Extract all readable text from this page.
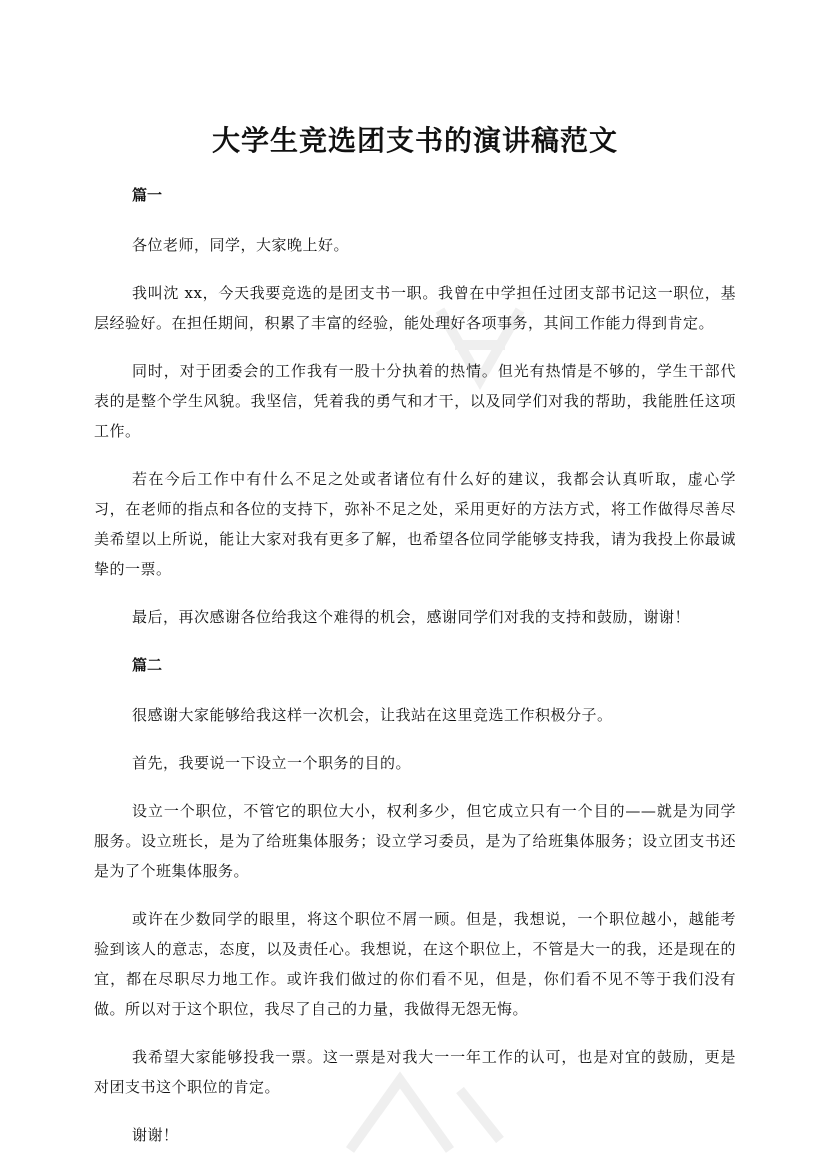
大学生竞选团支书的演讲稿范文

篇一

各位老师，同学，大家晚上好。

我叫沈 xx，今天我要竞选的是团支书一职。我曾在中学担任过团支部书记这一职位，基层经验好。在担任期间，积累了丰富的经验，能处理好各项事务，其间工作能力得到肯定。

同时，对于团委会的工作我有一股十分执着的热情。但光有热情是不够的，学生干部代表的是整个学生风貌。我坚信，凭着我的勇气和才干，以及同学们对我的帮助，我能胜任这项工作。

若在今后工作中有什么不足之处或者诸位有什么好的建议，我都会认真听取，虚心学习，在老师的指点和各位的支持下，弥补不足之处，采用更好的方法方式，将工作做得尽善尽美希望以上所说，能让大家对我有更多了解，也希望各位同学能够支持我，请为我投上你最诚挚的一票。

最后，再次感谢各位给我这个难得的机会，感谢同学们对我的支持和鼓励，谢谢！

篇二

很感谢大家能够给我这样一次机会，让我站在这里竞选工作积极分子。

首先，我要说一下设立一个职务的目的。

设立一个职位，不管它的职位大小，权利多少，但它成立只有一个目的——就是为同学服务。设立班长，是为了给班集体服务；设立学习委员，是为了给班集体服务；设立团支书还是为了个班集体服务。

或许在少数同学的眼里，将这个职位不屑一顾。但是，我想说，一个职位越小，越能考验到该人的意志，态度，以及责任心。我想说，在这个职位上，不管是大一的我，还是现在的宜，都在尽职尽力地工作。或许我们做过的你们看不见，但是，你们看不见不等于我们没有做。所以对于这个职位，我尽了自己的力量，我做得无怨无悔。

我希望大家能够投我一票。这一票是对我大一一年工作的认可，也是对宜的鼓励，更是对团支书这个职位的肯定。

谢谢！
